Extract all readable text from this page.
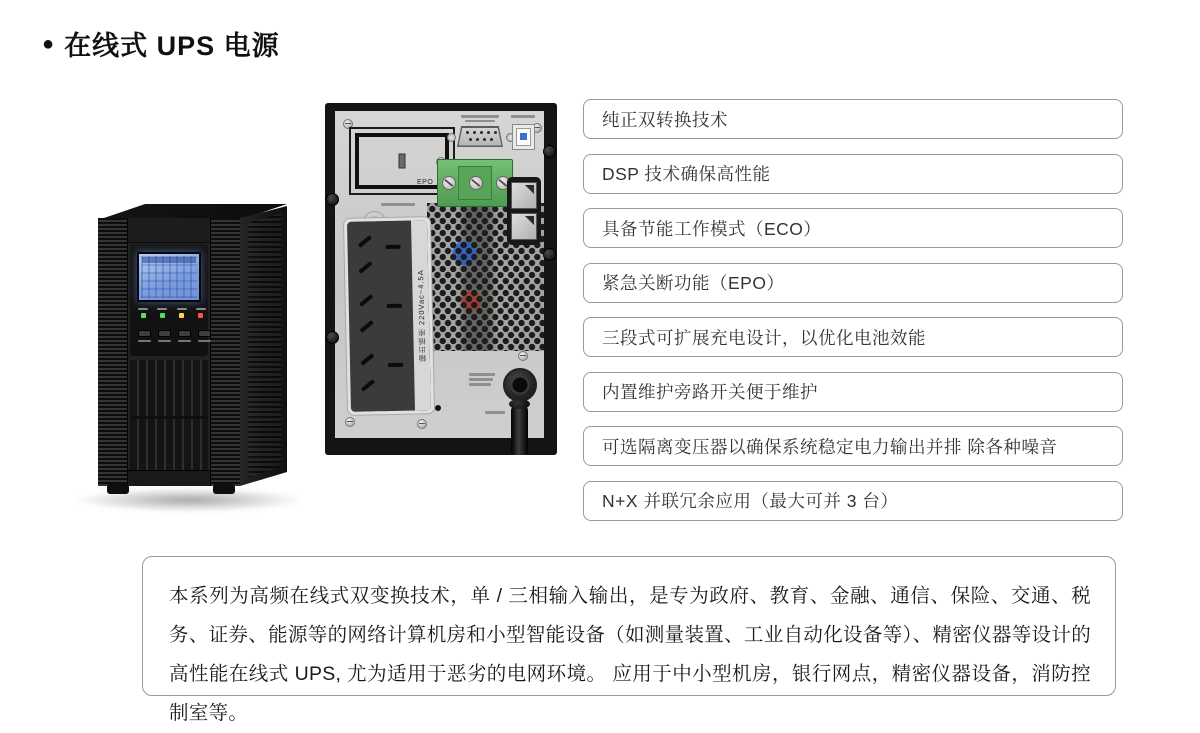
● 在线式 UPS 电源
EPO
输出插座 220Vac~4.5A
纯正双转换技术
DSP 技术确保高性能
具备节能工作模式（ECO）
紧急关断功能（EPO）
三段式可扩展充电设计，以优化电池效能
内置维护旁路开关便于维护
可选隔离变压器以确保系统稳定电力输出并排 除各种噪音
N+X 并联冗余应用（最大可并 3 台）
本系列为高频在线式双变换技术，单 / 三相输入输出，是专为政府、教育、金融、通信、保险、交通、税务、证券、能源等的网络计算机房和小型智能设备（如测量装置、工业自动化设备等）、精密仪器等设计的高性能在线式 UPS, 尤为适用于恶劣的电网环境。 应用于中小型机房，银行网点，精密仪器设备，消防控制室等。
